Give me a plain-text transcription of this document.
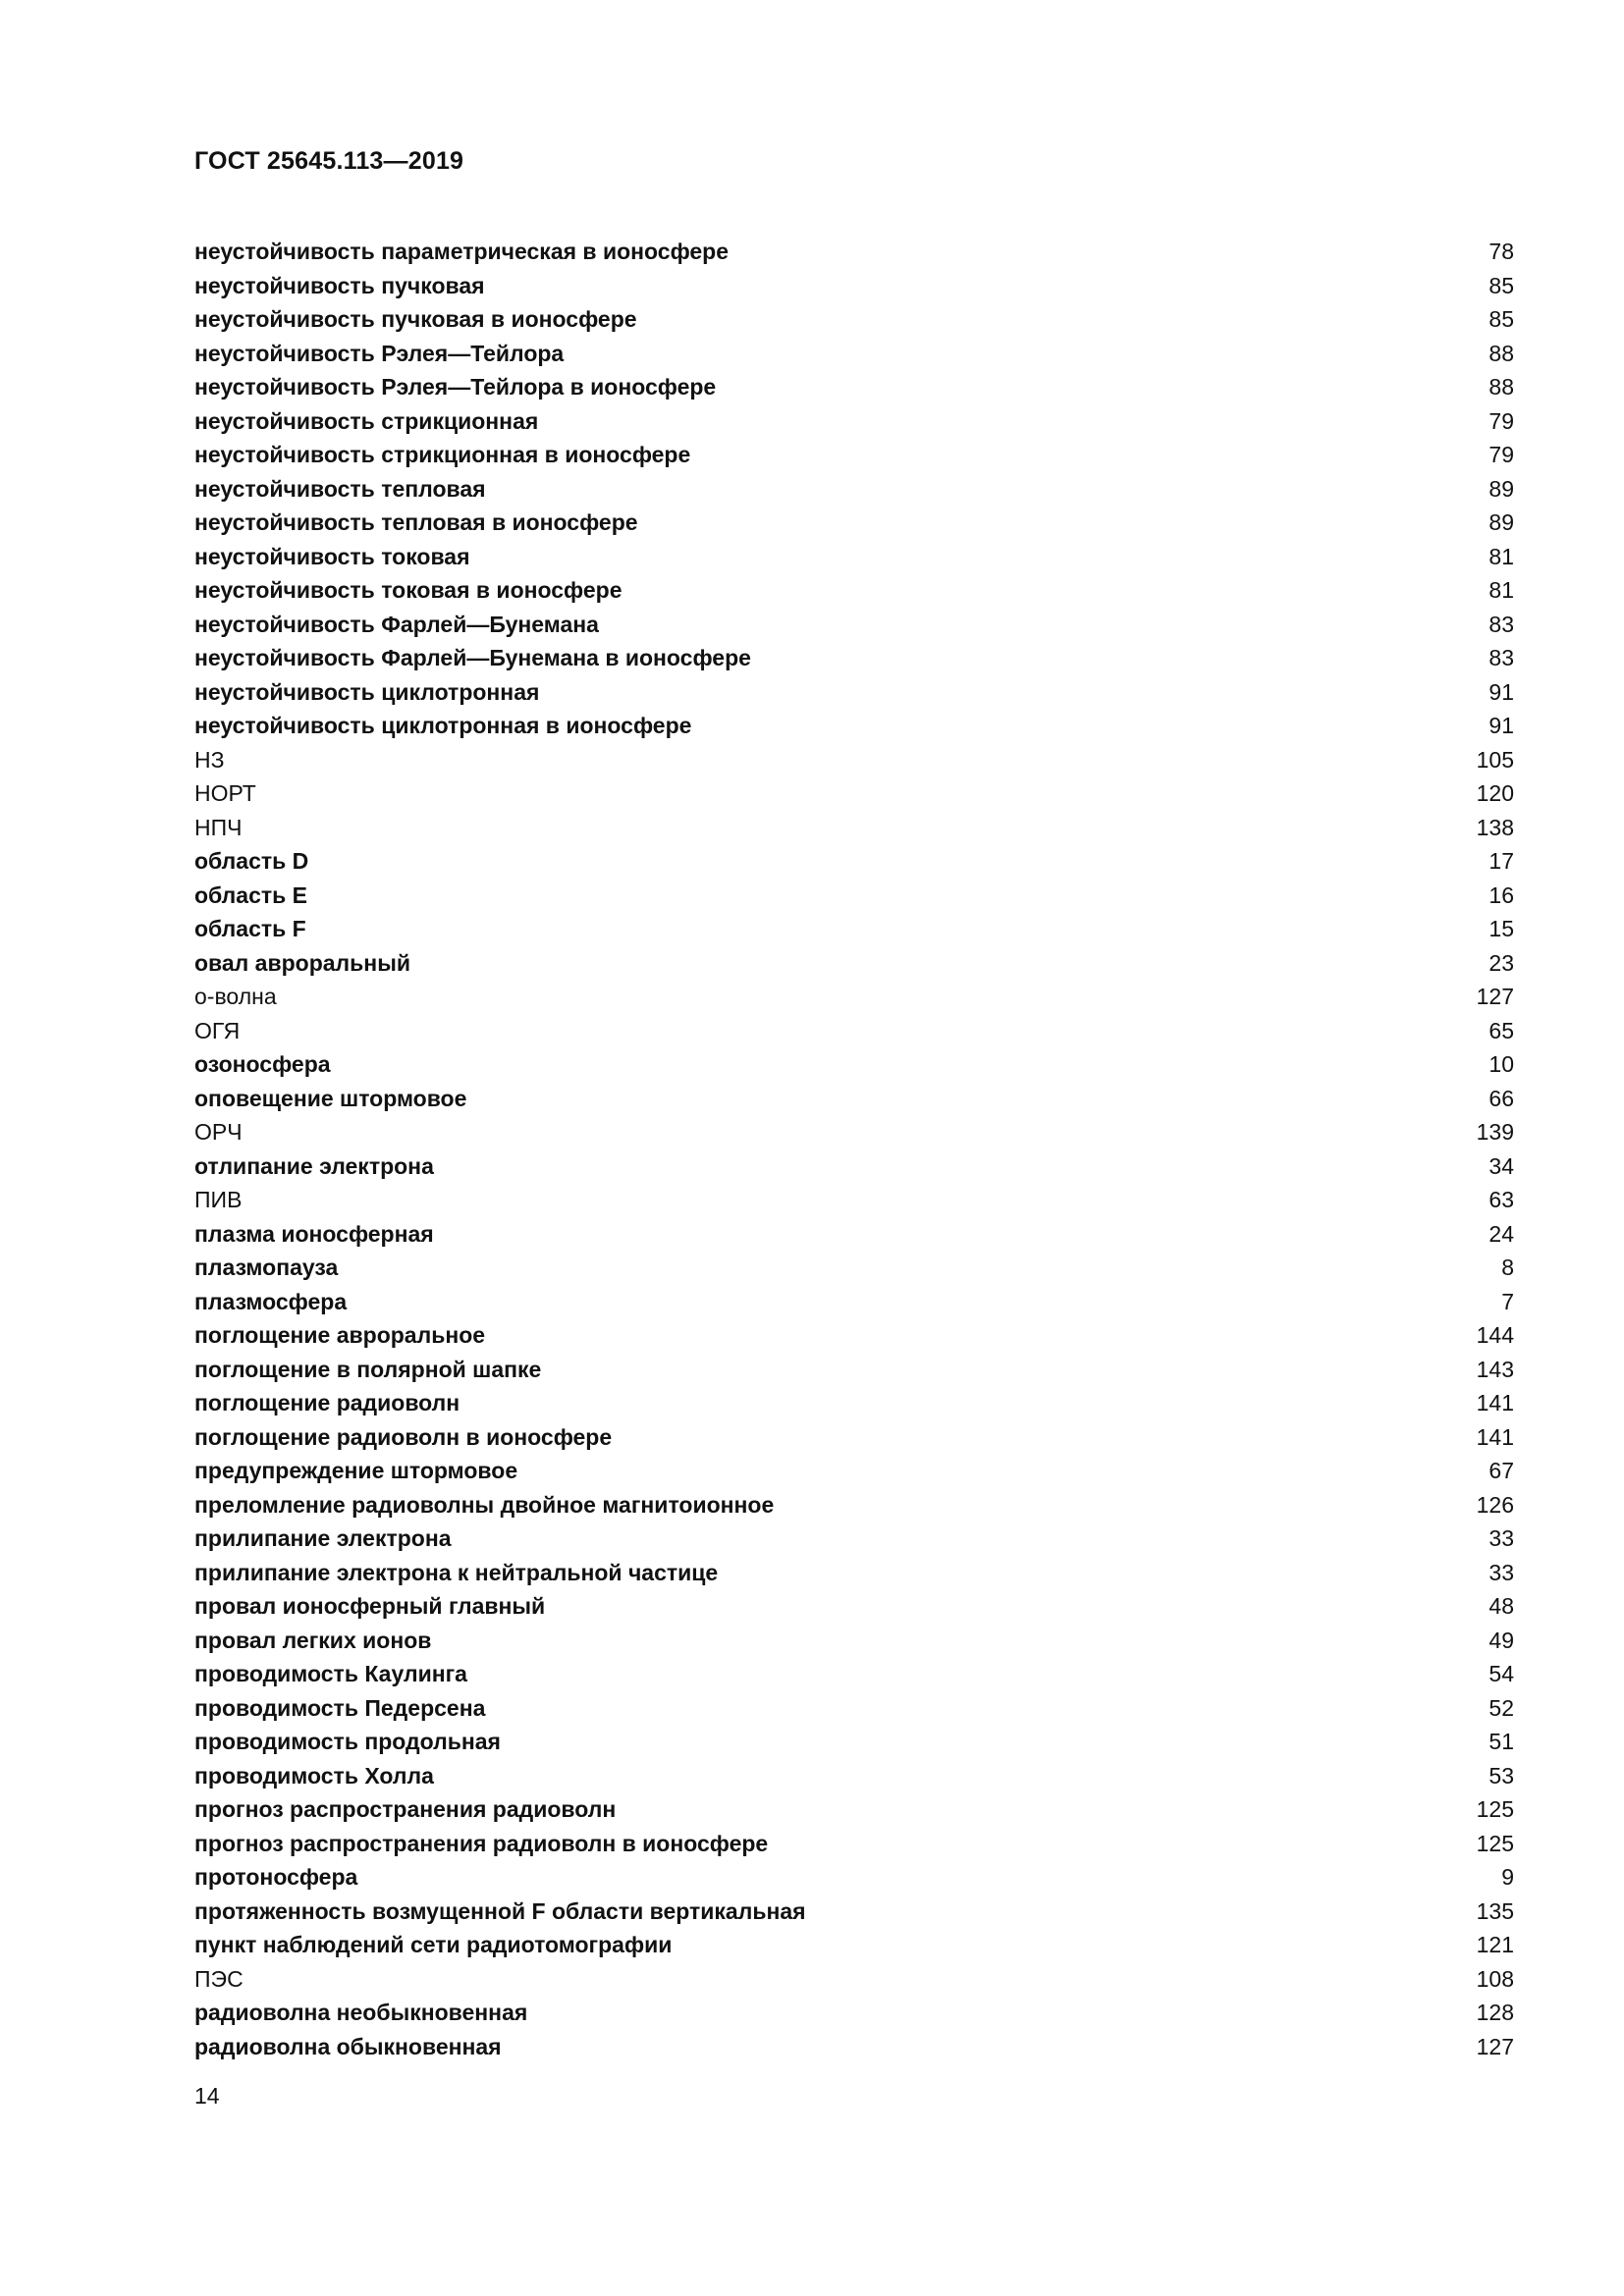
ГОСТ 25645.113—2019
неустойчивость параметрическая в ионосфере	78
неустойчивость пучковая	85
неустойчивость пучковая в ионосфере	85
неустойчивость Рэлея—Тейлора	88
неустойчивость Рэлея—Тейлора в ионосфере	88
неустойчивость стрикционная	79
неустойчивость стрикционная в ионосфере	79
неустойчивость тепловая	89
неустойчивость тепловая в ионосфере	89
неустойчивость токовая	81
неустойчивость токовая в ионосфере	81
неустойчивость Фарлей—Бунемана	83
неустойчивость Фарлей—Бунемана в ионосфере	83
неустойчивость циклотронная	91
неустойчивость циклотронная в ионосфере	91
НЗ	105
НОРТ	120
НПЧ	138
область D	17
область E	16
область F	15
овал авроральный	23
о-волна	127
ОГЯ	65
озоносфера	10
оповещение штормовое	66
ОРЧ	139
отлипание электрона	34
ПИВ	63
плазма ионосферная	24
плазмопауза	8
плазмосфера	7
поглощение авроральное	144
поглощение в полярной шапке	143
поглощение радиоволн	141
поглощение радиоволн в ионосфере	141
предупреждение штормовое	67
преломление радиоволны двойное магнитоионное	126
прилипание электрона	33
прилипание электрона к нейтральной частице	33
провал ионосферный главный	48
провал легких ионов	49
проводимость Каулинга	54
проводимость Педерсена	52
проводимость продольная	51
проводимость Холла	53
прогноз распространения радиоволн	125
прогноз распространения радиоволн в ионосфере	125
протоносфера	9
протяженность возмущенной F области вертикальная	135
пункт наблюдений сети радиотомографии	121
ПЭС	108
радиоволна необыкновенная	128
радиоволна обыкновенная	127
14
